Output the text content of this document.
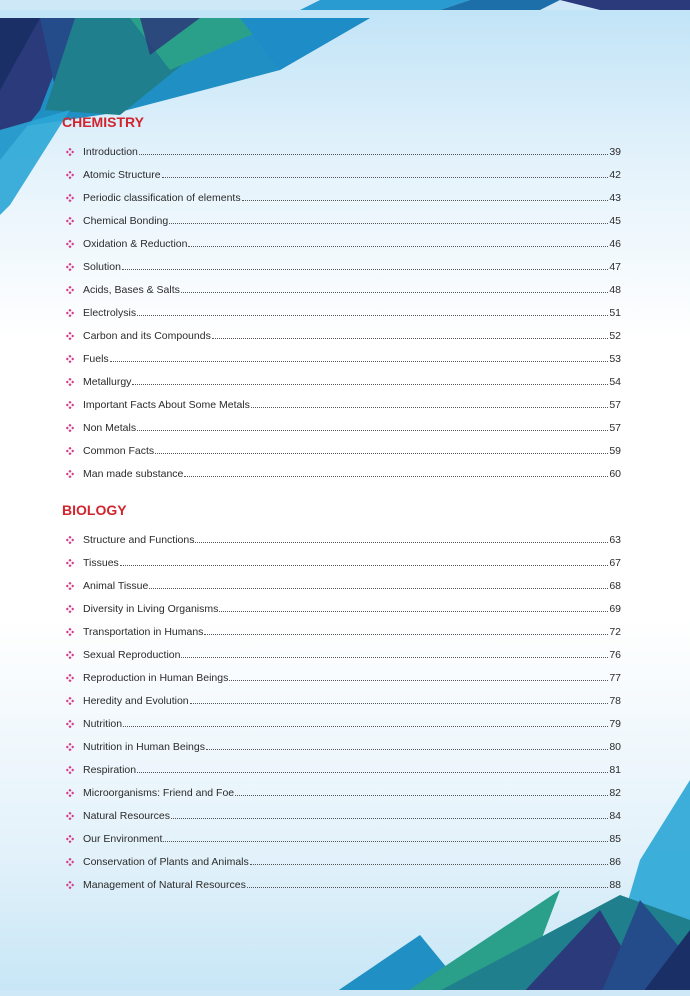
CHEMISTRY
Introduction	39
Atomic Structure	42
Periodic classification of elements	43
Chemical Bonding	45
Oxidation & Reduction	46
Solution	47
Acids, Bases & Salts	48
Electrolysis	51
Carbon and its Compounds	52
Fuels	53
Metallurgy	54
Important Facts About Some Metals	57
Non Metals	57
Common Facts	59
Man made substance	60
BIOLOGY
Structure and Functions	63
Tissues	67
Animal Tissue	68
Diversity in Living Organisms	69
Transportation in Humans	72
Sexual Reproduction	76
Reproduction in Human Beings	77
Heredity and Evolution	78
Nutrition	79
Nutrition in Human Beings	80
Respiration	81
Microorganisms: Friend and Foe	82
Natural Resources	84
Our Environment	85
Conservation of Plants and Animals	86
Management of Natural Resources	88
